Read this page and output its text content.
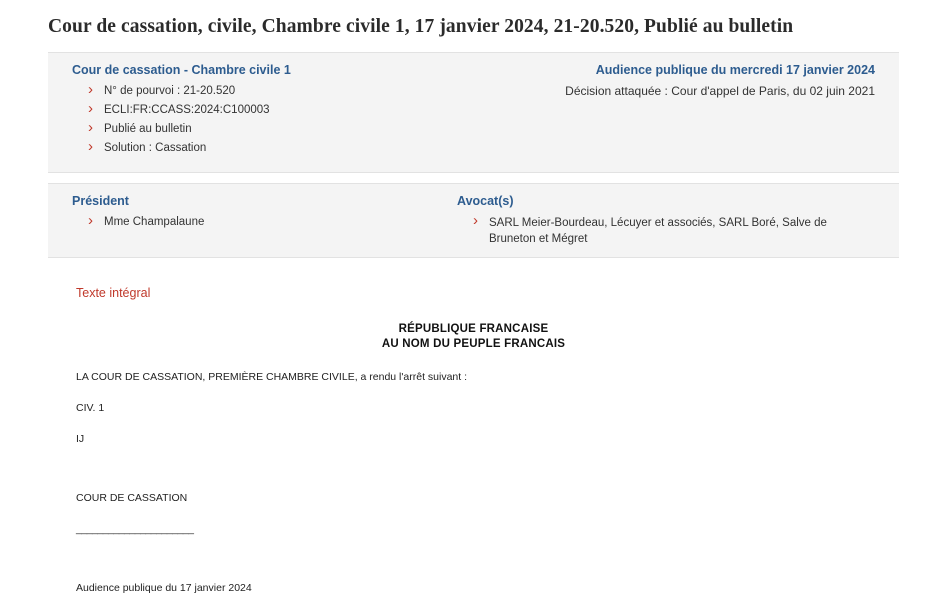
Cour de cassation, civile, Chambre civile 1, 17 janvier 2024, 21-20.520, Publié au bulletin
Cour de cassation - Chambre civile 1
› N° de pourvoi : 21-20.520
› ECLI:FR:CCASS:2024:C100003
› Publié au bulletin
› Solution : Cassation
Audience publique du mercredi 17 janvier 2024
Décision attaquée : Cour d'appel de Paris, du 02 juin 2021
Président
› Mme Champalaune
Avocat(s)
› SARL Meier-Bourdeau, Lécuyer et associés, SARL Boré, Salve de Bruneton et Mégret
Texte intégral
RÉPUBLIQUE FRANCAISE
AU NOM DU PEUPLE FRANCAIS
LA COUR DE CASSATION, PREMIÈRE CHAMBRE CIVILE, a rendu l'arrêt suivant :
CIV. 1
IJ
COUR DE CASSATION
______________________
Audience publique du 17 janvier 2024
